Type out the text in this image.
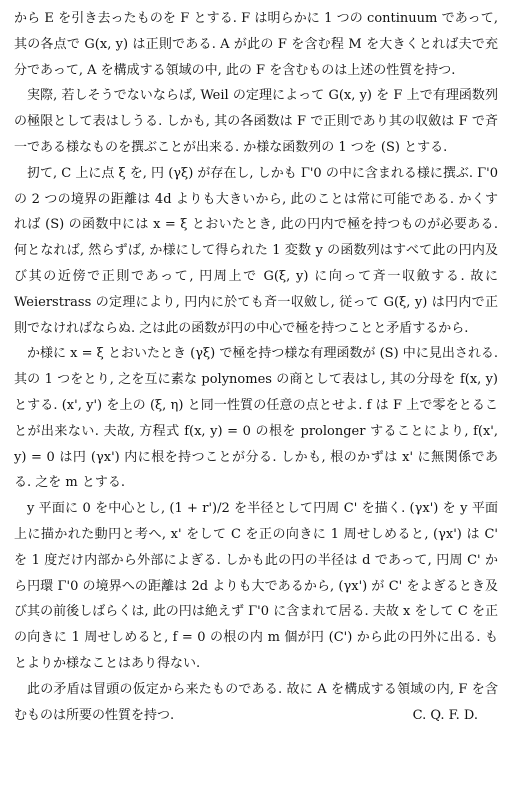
から E を引き去ったものを F とする. F は明らかに 1 つの continuum であって, 其の各点で G(x, y) は正則である. A が此の F を含む程 M を大きくとれば夫で充分であって, A を構成する領域の中, 此の F を含むものは上述の性質を持つ.

実際, 若しそうでないならば, Weil の定理によって G(x, y) を F 上で有理函数列の極限として表はしうる. しかも, 其の各函数は F で正則であり其の収斂は F で斉一である様なものを撰ぶことが出来る. か様な函数列の 1 つを (S) とする.

扨て, C 上に点 ξ を, 円 (γξ) が存在し, しかも Γ'0 の中に含まれる様に撰ぶ. Γ'0 の 2 つの境界の距離は 4d よりも大きいから, 此のことは常に可能である. かくすれば (S) の函数中には x = ξ とおいたとき, 此の円内で極を持つものが必要ある. 何となれば, 然らずば, か様にして得られた 1 変数 y の函数列はすべて此の円内及び其の近傍で正則であって, 円周上で G(ξ, y) に向って斉一収斂する. 故に Weierstrass の定理により, 円内に於ても斉一収斂し, 従って G(ξ, y) は円内で正則でなければならぬ. 之は此の函数が円の中心で極を持つことと矛盾するから.

か様に x = ξ とおいたとき (γξ) で極を持つ様な有理函数が (S) 中に見出される. 其の 1 つをとり, 之を互に素な polynomes の商として表はし, 其の分母を f(x, y) とする. (x', y') を上の (ξ, η) と同一性質の任意の点とせよ. f は F 上で零をとることが出来ない. 夫故, 方程式 f(x, y) = 0 の根を prolonger することにより, f(x', y) = 0 は円 (γx') 内に根を持つことが分る. しかも, 根のかずは x' に無関係である. 之を m とする.

y 平面に 0 を中心とし, (1 + r')/2 を半径として円周 C' を描く. (γx') を y 平面上に描かれた動円と考へ, x' をして C を正の向きに 1 周せしめると, (γx') は C' を 1 度だけ内部から外部によぎる. しかも此の円の半径は d であって, 円周 C' から円環 Γ'0 の境界への距離は 2d よりも大であるから, (γx') が C' をよぎるとき及び其の前後しばらくは, 此の円は絶えず Γ'0 に含まれて居る. 夫故 x をして C を正の向きに 1 周せしめると, f = 0 の根の内 m 個が円 (C') から此の円外に出る. もとよりか様なことはあり得ない.

此の矛盾は冒頭の仮定から来たものである. 故に A を構成する領域の内, F を含むものは所要の性質を持つ.	C. Q. F. D.
